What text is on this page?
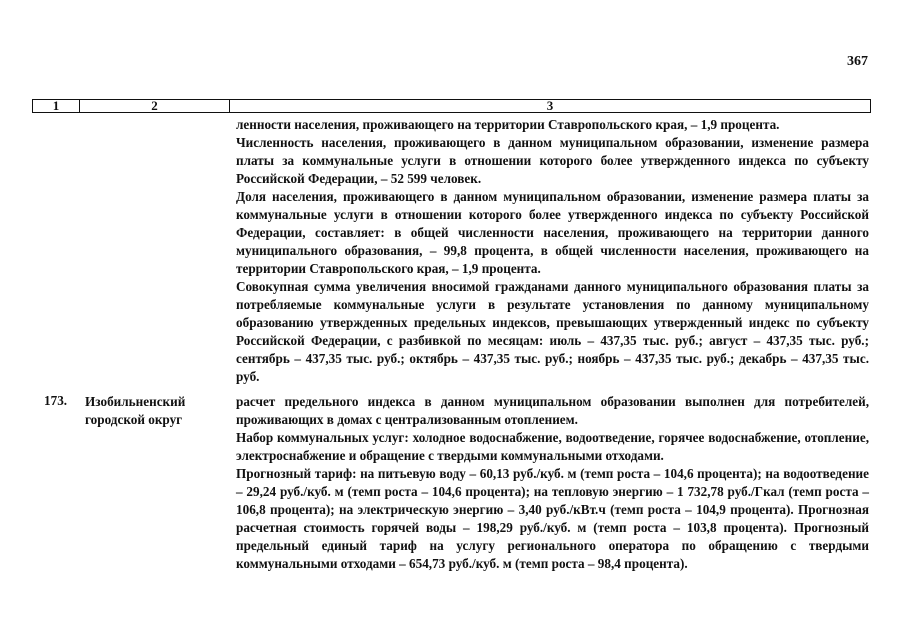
367
1	2	3

ленности населения, проживающего на территории Ставропольского края, – 1,9 процента.

Численность населения, проживающего в данном муниципальном образовании, изменение размера платы за коммунальные услуги в отношении которого более утвержденного индекса по субъекту Российской Федерации, – 52 599 человек.

Доля населения, проживающего в данном муниципальном образовании, изменение размера платы за коммунальные услуги в отношении которого более утвержденного индекса по субъекту Российской Федерации, составляет: в общей численности населения, проживающего на территории данного муниципального образования, – 99,8 процента, в общей численности населения, проживающего на территории Ставропольского края, – 1,9 процента.

Совокупная сумма увеличения вносимой гражданами данного муниципального образования платы за потребляемые коммунальные услуги в результате установления по данному муниципальному образованию утвержденных предельных индексов, превышающих утвержденный индекс по субъекту Российской Федерации, с разбивкой по месяцам: июль – 437,35 тыс. руб.; август – 437,35 тыс. руб.; сентябрь – 437,35 тыс. руб.; октябрь – 437,35 тыс. руб.; ноябрь – 437,35 тыс. руб.; декабрь – 437,35 тыс. руб.

173. Изобильненский городской округ

расчет предельного индекса в данном муниципальном образовании выполнен для потребителей, проживающих в домах с централизованным отоплением.

Набор коммунальных услуг: холодное водоснабжение, водоотведение, горячее водоснабжение, отопление, электроснабжение и обращение с твердыми коммунальными отходами.

Прогнозный тариф: на питьевую воду – 60,13 руб./куб. м (темп роста – 104,6 процента); на водоотведение – 29,24 руб./куб. м (темп роста – 104,6 процента); на тепловую энергию – 1 732,78 руб./Гкал (темп роста – 106,8 процента); на электрическую энергию – 3,40 руб./кВт.ч (темп роста – 104,9 процента). Прогнозная расчетная стоимость горячей воды – 198,29 руб./куб. м (темп роста – 103,8 процента). Прогнозный предельный единый тариф на услугу регионального оператора по обращению с твердыми коммунальными отходами – 654,73 руб./куб. м (темп роста – 98,4 процента).
